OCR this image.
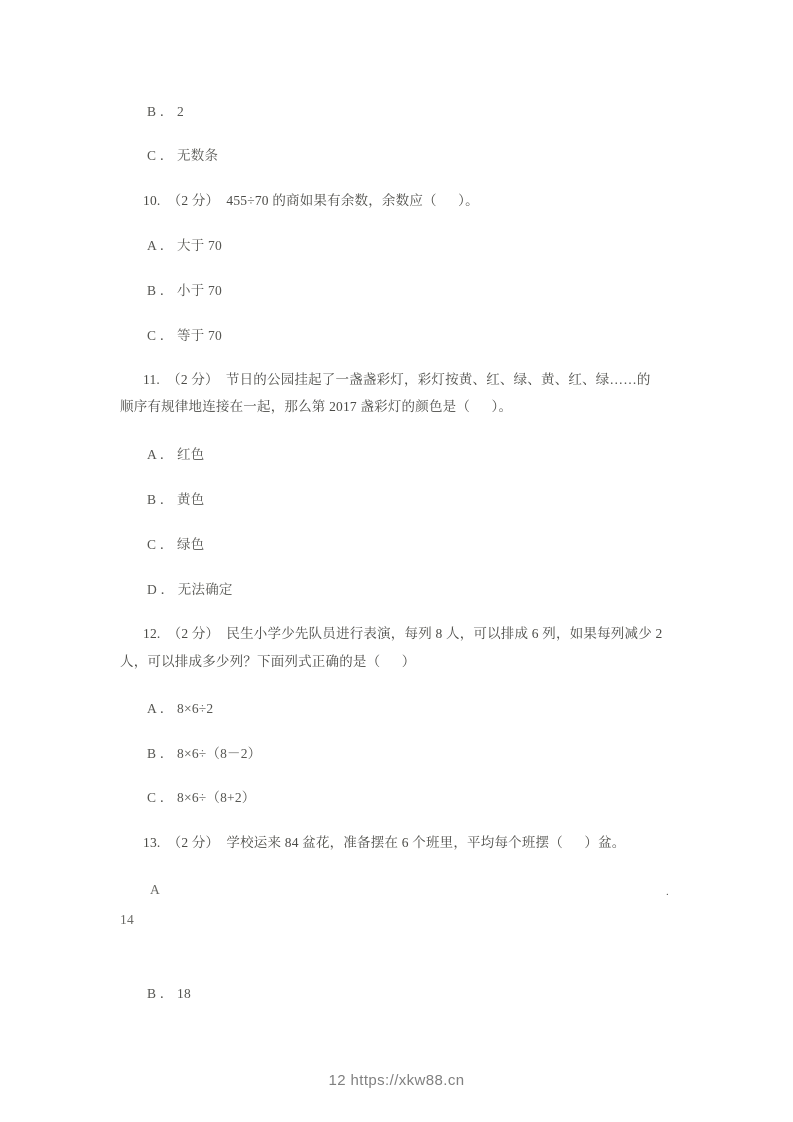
B ． 2
C ． 无数条
10.  （2 分）  455÷70 的商如果有余数，余数应（      ）。
A ． 大于 70
B ． 小于 70
C ． 等于 70
11.  （2 分）  节日的公园挂起了一盏盏彩灯，彩灯按黄、红、绿、黄、红、绿……的
顺序有规律地连接在一起，那么第 2017 盏彩灯的颜色是（      ）。
A ． 红色
B ． 黄色
C ． 绿色
D ． 无法确定
12.  （2 分）  民生小学少先队员进行表演，每列 8 人，可以排成 6 列，如果每列减少 2
人，可以排成多少列？下面列式正确的是（      ）
A ． 8×6÷2
B ． 8×6÷（8－2）
C ． 8×6÷（8+2）
13.  （2 分）  学校运来 84 盆花，准备摆在 6 个班里，平均每个班摆（      ）盆。
A	.
14
B ． 18
12 https://xkw88.cn
